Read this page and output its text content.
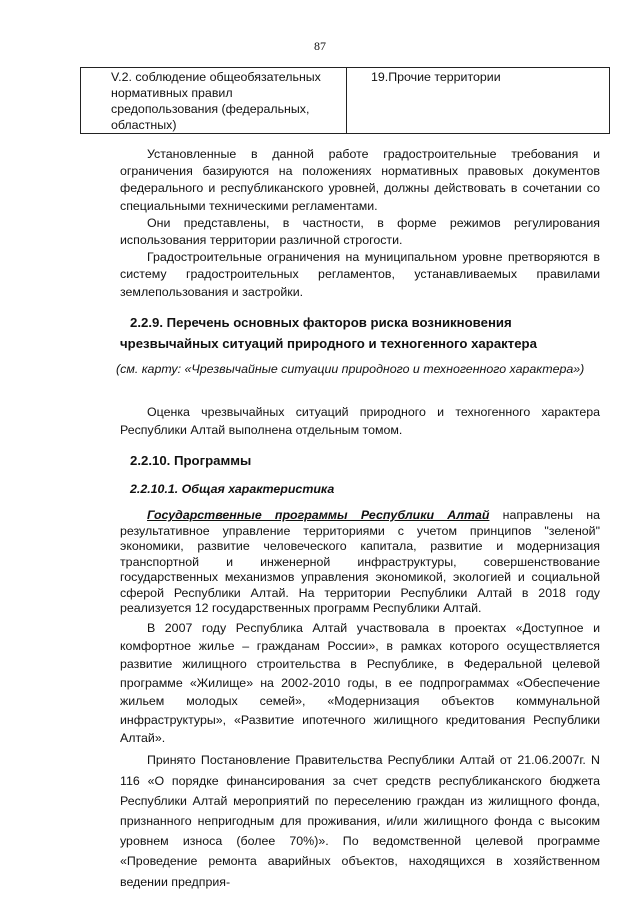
87
V.2. соблюдение общеобязательных нормативных правил средопользования (федеральных, областных)
	19.Прочие территории

Установленные в данной работе градостроительные требования и ограничения базируются на положениях нормативных правовых документов федерального и республиканского уровней, должны действовать в сочетании со специальными техническими регламентами.

Они представлены, в частности, в форме режимов регулирования использования территории различной строгости.

Градостроительные ограничения на муниципальном уровне претворяются в систему градостроительных регламентов, устанавливаемых правилами землепользования и застройки.

2.2.9. Перечень основных факторов риска возникновения

чрезвычайных ситуаций природного и техногенного характера

(см. карту: «Чрезвычайные ситуации природного и техногенного характера»)

Оценка чрезвычайных ситуаций природного и техногенного характера Республики Алтай выполнена отдельным томом.

2.2.10. Программы

2.2.10.1. Общая характеристика

Государственные программы Республики Алтай направлены на результативное управление территориями с учетом принципов "зеленой" экономики, развитие человеческого капитала, развитие и модернизация транспортной и инженерной инфраструктуры, совершенствование государственных механизмов управления экономикой, экологией и социальной сферой Республики Алтай. На территории Республики Алтай в 2018 году реализуется 12 государственных программ Республики Алтай.

В 2007 году Республика Алтай участвовала в проектах «Доступное и комфортное жилье – гражданам России», в рамках которого осуществляется развитие жилищного строительства в Республике, в Федеральной целевой программе «Жилище» на 2002-2010 годы, в ее подпрограммах «Обеспечение жильем молодых семей», «Модернизация объектов коммунальной инфраструктуры», «Развитие ипотечного жилищного кредитования Республики Алтай».

Принято Постановление Правительства Республики Алтай от 21.06.2007г. N 116 «О порядке финансирования за счет средств республиканского бюджета Республики Алтай мероприятий по переселению граждан из жилищного фонда, признанного непригодным для проживания, и/или жилищного фонда с высоким уровнем износа (более 70%)». По ведомственной целевой программе «Проведение ремонта аварийных объектов, находящихся в хозяйственном ведении предприя-
